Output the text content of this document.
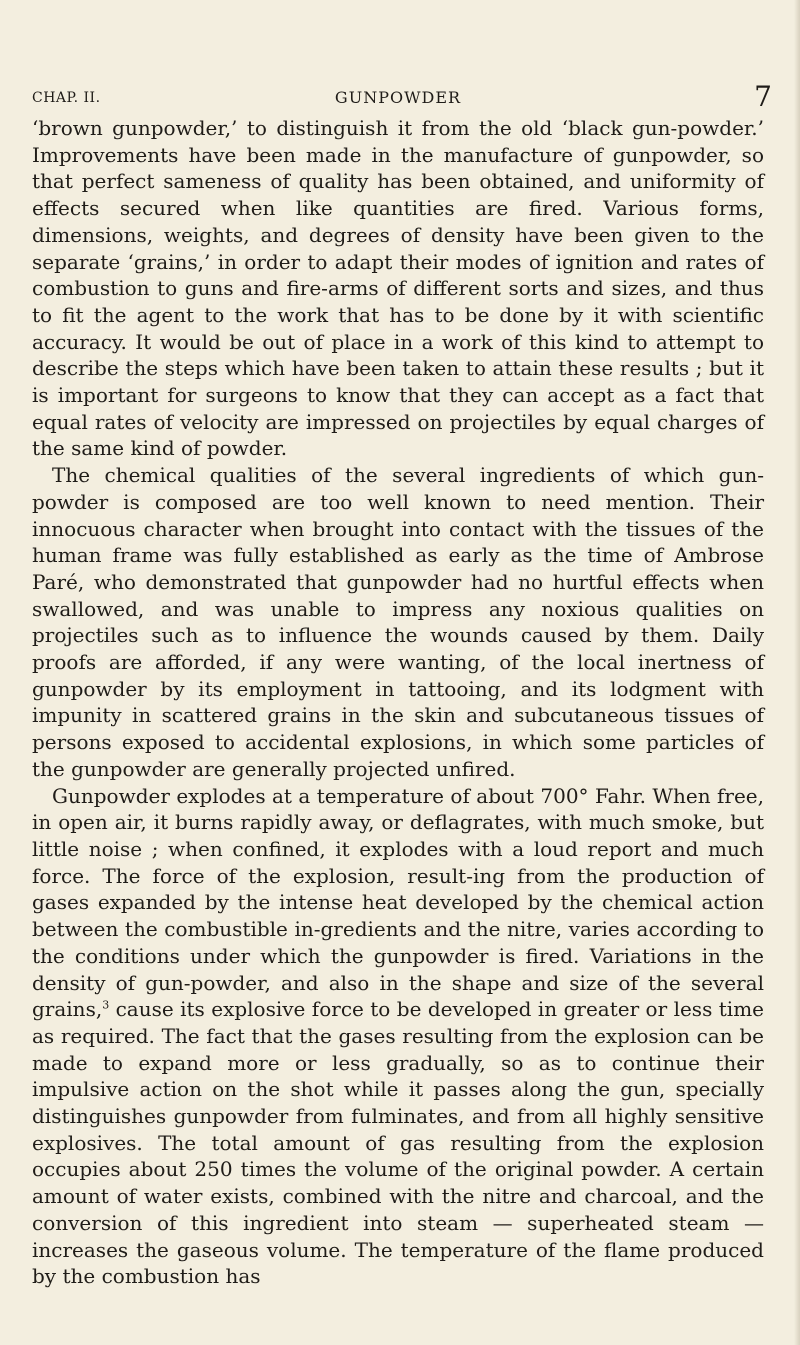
CHAP. II.	GUNPOWDER	7

‘brown gunpowder,’ to distinguish it from the old ‘black gun-powder.’ Improvements have been made in the manufacture of gunpowder, so that perfect sameness of quality has been obtained, and uniformity of effects secured when like quantities are fired. Various forms, dimensions, weights, and degrees of density have been given to the separate ‘grains,’ in order to adapt their modes of ignition and rates of combustion to guns and fire-arms of different sorts and sizes, and thus to fit the agent to the work that has to be done by it with scientific accuracy. It would be out of place in a work of this kind to attempt to describe the steps which have been taken to attain these results ; but it is important for surgeons to know that they can accept as a fact that equal rates of velocity are impressed on projectiles by equal charges of the same kind of powder.

The chemical qualities of the several ingredients of which gun-powder is composed are too well known to need mention. Their innocuous character when brought into contact with the tissues of the human frame was fully established as early as the time of Ambrose Paré, who demonstrated that gunpowder had no hurtful effects when swallowed, and was unable to impress any noxious qualities on projectiles such as to influence the wounds caused by them. Daily proofs are afforded, if any were wanting, of the local inertness of gunpowder by its employment in tattooing, and its lodgment with impunity in scattered grains in the skin and subcutaneous tissues of persons exposed to accidental explosions, in which some particles of the gunpowder are generally projected unfired.

Gunpowder explodes at a temperature of about 700° Fahr. When free, in open air, it burns rapidly away, or deflagrates, with much smoke, but little noise ; when confined, it explodes with a loud report and much force. The force of the explosion, result-ing from the production of gases expanded by the intense heat developed by the chemical action between the combustible in-gredients and the nitre, varies according to the conditions under which the gunpowder is fired. Variations in the density of gun-powder, and also in the shape and size of the several grains,$^3$ cause its explosive force to be developed in greater or less time as required. The fact that the gases resulting from the explosion can be made to expand more or less gradually, so as to continue their impulsive action on the shot while it passes along the gun, specially distinguishes gunpowder from fulminates, and from all highly sensitive explosives. The total amount of gas resulting from the explosion occupies about 250 times the volume of the original powder. A certain amount of water exists, combined with the nitre and charcoal, and the conversion of this ingredient into steam — superheated steam — increases the gaseous volume. The temperature of the flame produced by the combustion has
